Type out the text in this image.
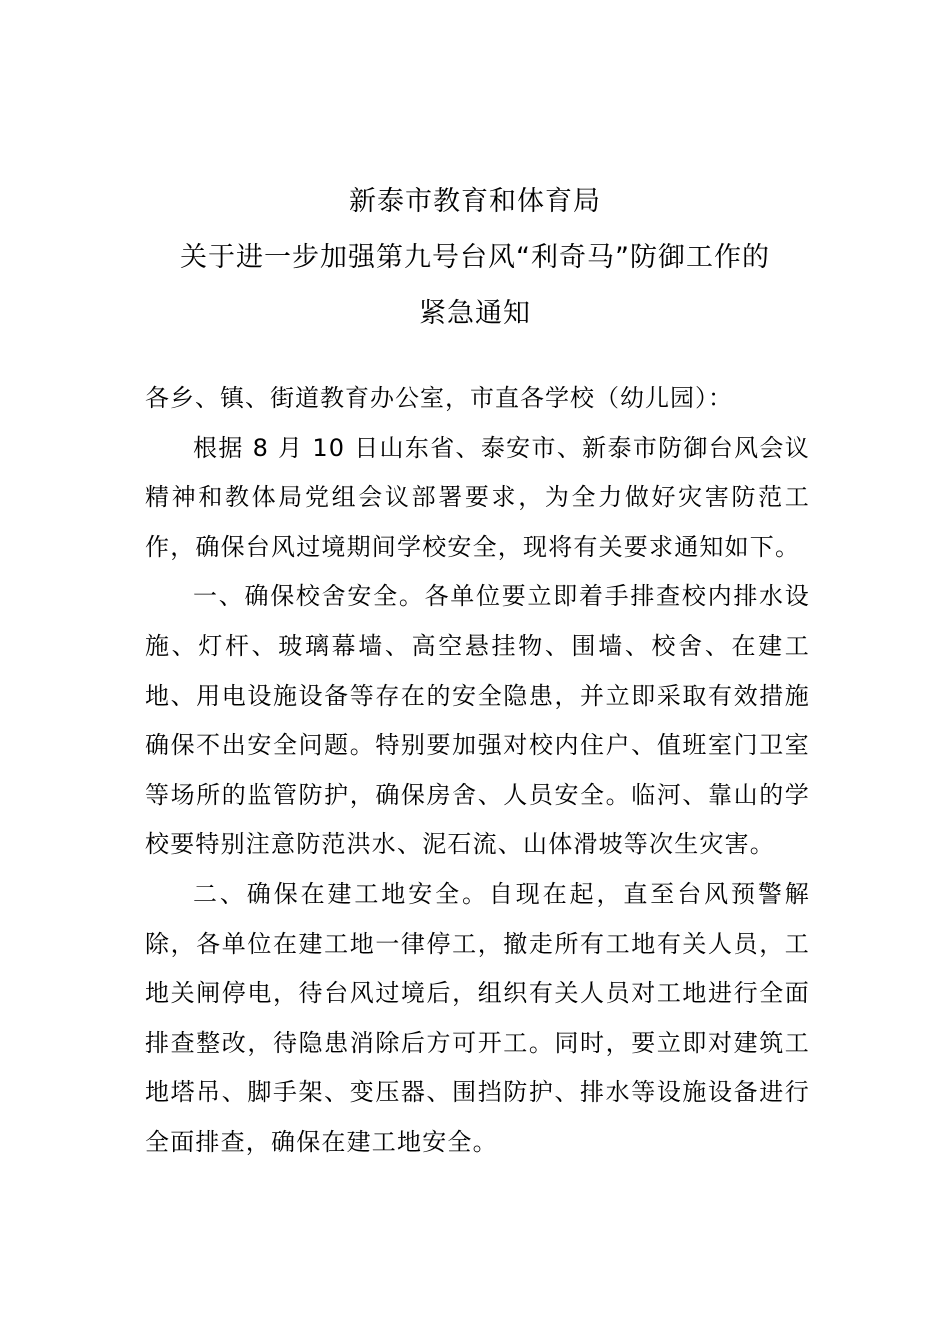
新泰市教育和体育局
关于进一步加强第九号台风“利奇马”防御工作的
紧急通知
各乡、镇、街道教育办公室，市直各学校（幼儿园）：

根据 8 月 10 日山东省、泰安市、新泰市防御台风会议精神和教体局党组会议部署要求，为全力做好灾害防范工作，确保台风过境期间学校安全，现将有关要求通知如下。

一、确保校舍安全。各单位要立即着手排查校内排水设施、灯杆、玻璃幕墙、高空悬挂物、围墙、校舍、在建工地、用电设施设备等存在的安全隐患，并立即采取有效措施确保不出安全问题。特别要加强对校内住户、值班室门卫室等场所的监管防护，确保房舍、人员安全。临河、靠山的学校要特别注意防范洪水、泥石流、山体滑坡等次生灾害。

二、确保在建工地安全。自现在起，直至台风预警解除，各单位在建工地一律停工，撤走所有工地有关人员，工地关闸停电，待台风过境后，组织有关人员对工地进行全面排查整改，待隐患消除后方可开工。同时，要立即对建筑工地塔吊、脚手架、变压器、围挡防护、排水等设施设备进行全面排查，确保在建工地安全。
